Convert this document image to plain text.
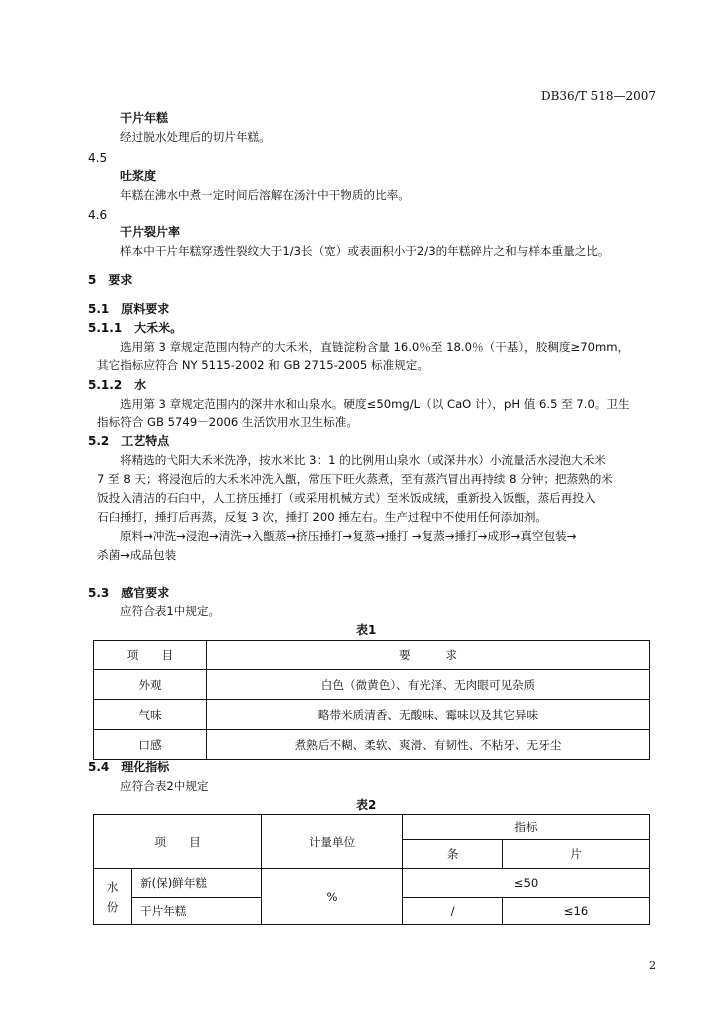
DB36/T 518—2007
干片年糕
经过脱水处理后的切片年糕。
4.5
吐浆度
年糕在沸水中煮一定时间后溶解在汤汁中干物质的比率。
4.6
干片裂片率
样本中干片年糕穿透性裂纹大于1/3长（宽）或表面积小于2/3的年糕碎片之和与样本重量之比。
5　要求
5.1　原料要求
5.1.1　大禾米。
选用第 3 章规定范围内特产的大禾米，直链淀粉含量 16.0％至 18.0％（干基），胶稠度≥70mm，
其它指标应符合 NY 5115-2002 和 GB 2715-2005 标准规定。
5.1.2　水
选用第 3 章规定范围内的深井水和山泉水。硬度≤50mg/L（以 CaO 计），pH 值 6.5 至 7.0。卫生
指标符合 GB 5749－2006 生活饮用水卫生标准。
5.2　工艺特点
将精选的弋阳大禾米洗净，按水米比 3：1 的比例用山泉水（或深井水）小流量活水浸泡大禾米
7 至 8 天；将浸泡后的大禾米冲洗入甑，常压下旺火蒸煮，至有蒸汽冒出再持续 8 分钟；把蒸熟的米
饭投入清洁的石臼中，人工挤压捶打（或采用机械方式）至米饭成绒，重新投入饭甑，蒸后再投入
石臼捶打，捶打后再蒸，反复 3 次，捶打 200 捶左右。生产过程中不使用任何添加剂。
原料→冲洗→浸泡→清洗→入甑蒸→挤压捶打→复蒸→捶打 →复蒸→捶打→成形→真空包装→
杀菌→成品包装
5.3　感官要求
应符合表1中规定。
表1
项　　目	要　　　求
外观	白色（微黄色）、有光泽、无肉眼可见杂质
气味	略带米质清香、无酸味、霉味以及其它异味
口感	煮熟后不糊、柔软、爽滑、有韧性、不粘牙、无牙尘
5.4　理化指标
应符合表2中规定
表2
项　　目		计量单位	指标	
			条	片
水份	新(保)鲜年糕	%	≤50	
	干片年糕		/	≤16
2
